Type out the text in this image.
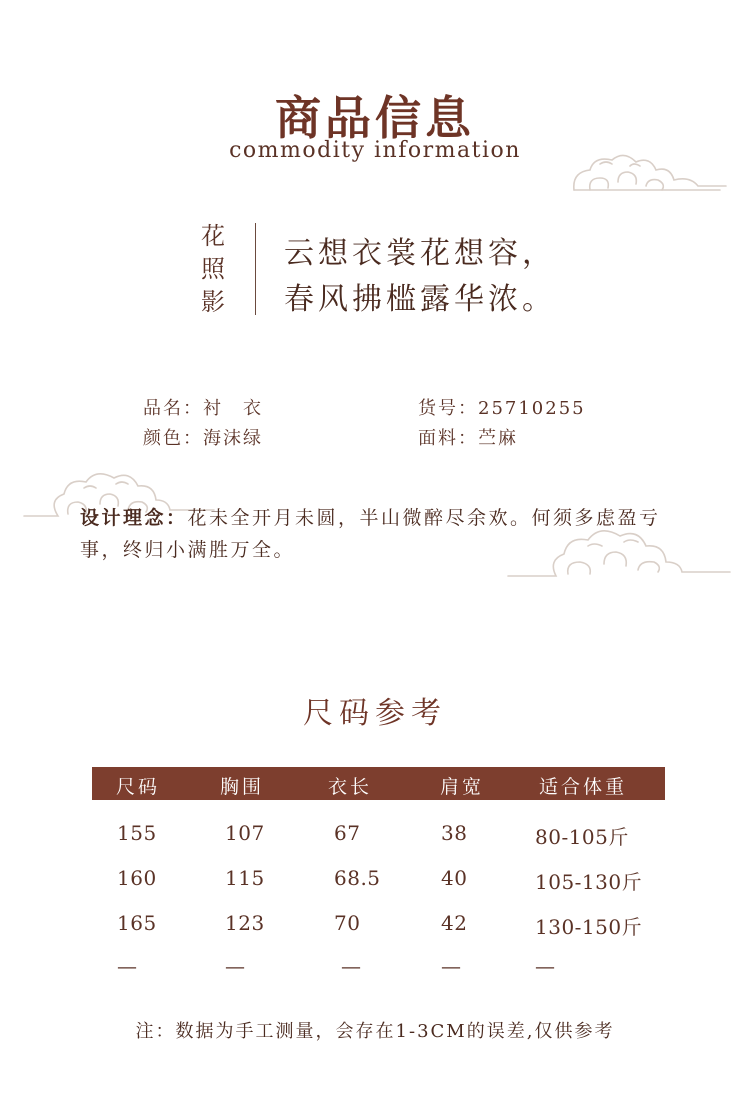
商品信息
commodity information
花
照
影
云想衣裳花想容，
春风拂槛露华浓。
品名：衬　衣
颜色：海沫绿
货号：25710255
面料：苎麻
设计理念：花未全开月未圆，半山微醉尽余欢。何须多虑盈亏事，终归小满胜万全。
尺码参考
尺码	胸围	衣长	肩宽	适合体重
155	107	67	38	80-105斤
160	115	68.5	40	105-130斤
165	123	70	42	130-150斤
—	—	—	—	—
注：数据为手工测量，会存在1-3CM的误差,仅供参考
